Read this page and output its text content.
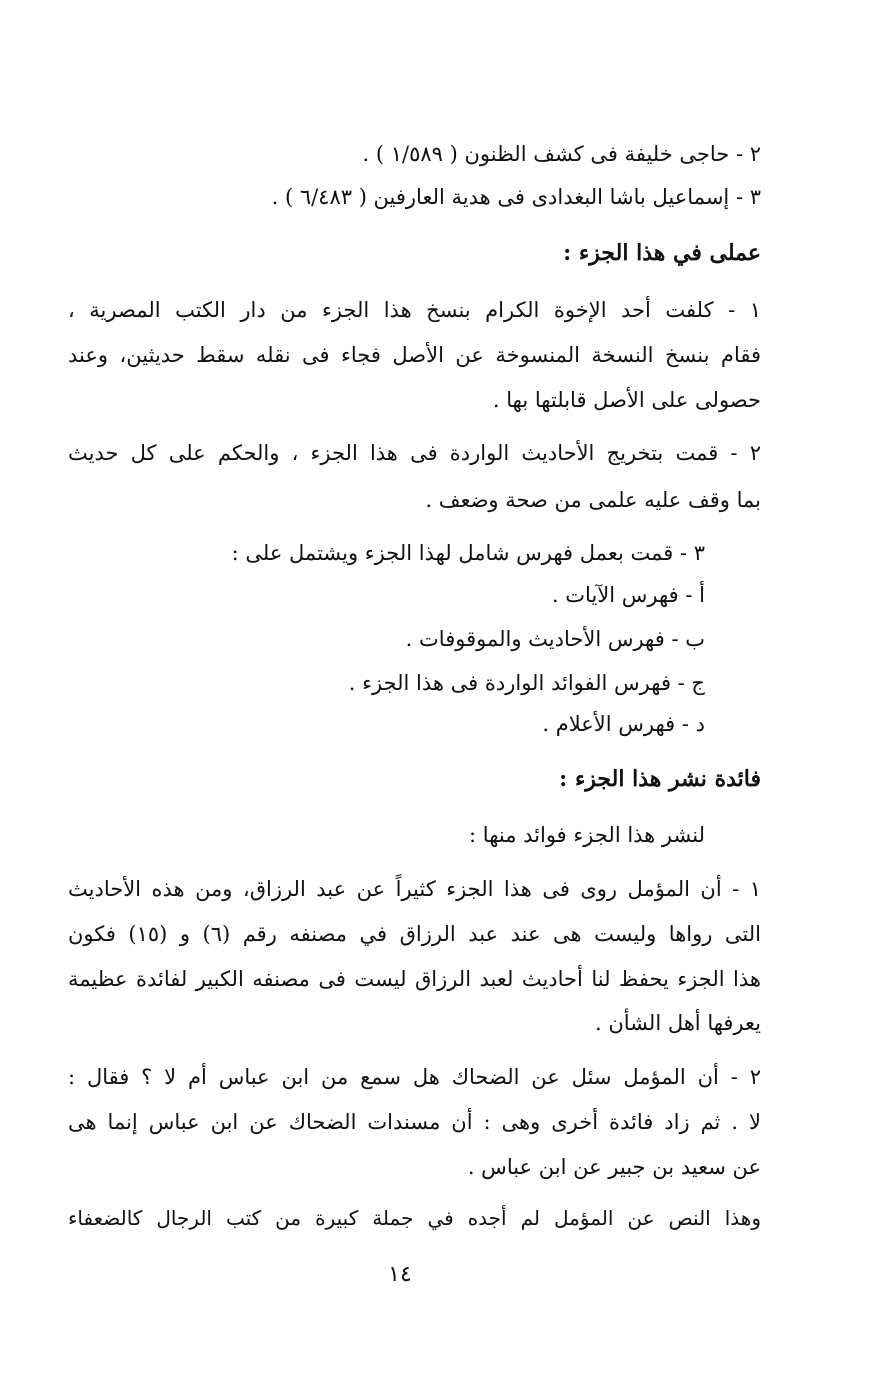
٢ - حاجى خليفة فى كشف الظنون ( ١/٥٨٩ ) .
٣ - إسماعيل باشا البغدادى فى هدية العارفين ( ٦/٤٨٣ ) .
عملى في هذا الجزء :
١ - كلفت أحد الإخوة الكرام بنسخ هذا الجزء من دار الكتب المصرية ،
فقام بنسخ النسخة المنسوخة عن الأصل فجاء فى نقله سقط حديثين، وعند
حصولى على الأصل قابلتها بها .
٢ - قمت بتخريج الأحاديث الواردة فى هذا الجزء ، والحكم على كل حديث
بما وقف عليه علمى من صحة وضعف .
٣ - قمت بعمل فهرس شامل لهذا الجزء ويشتمل على :
أ - فهرس الآيات .
ب - فهرس الأحاديث والموقوفات .
ج - فهرس الفوائد الواردة فى هذا الجزء .
د - فهرس الأعلام .
فائدة نشر هذا الجزء :
لنشر هذا الجزء فوائد منها :
١ - أن المؤمل روى فى هذا الجزء كثيراً عن عبد الرزاق، ومن هذه الأحاديث
التى رواها وليست هى عند عبد الرزاق في مصنفه رقم (٦) و (١٥) فكون
هذا الجزء يحفظ لنا أحاديث لعبد الرزاق ليست فى مصنفه الكبير لفائدة عظيمة
يعرفها أهل الشأن .
٢ - أن المؤمل سئل عن الضحاك هل سمع من ابن عباس أم لا ؟ فقال :
لا . ثم زاد فائدة أخرى وهى : أن مسندات الضحاك عن ابن عباس إنما هى
عن سعيد بن جبير عن ابن عباس .
وهذا النص عن المؤمل لم أجده في جملة كبيرة من كتب الرجال كالضعفاء
١٤
